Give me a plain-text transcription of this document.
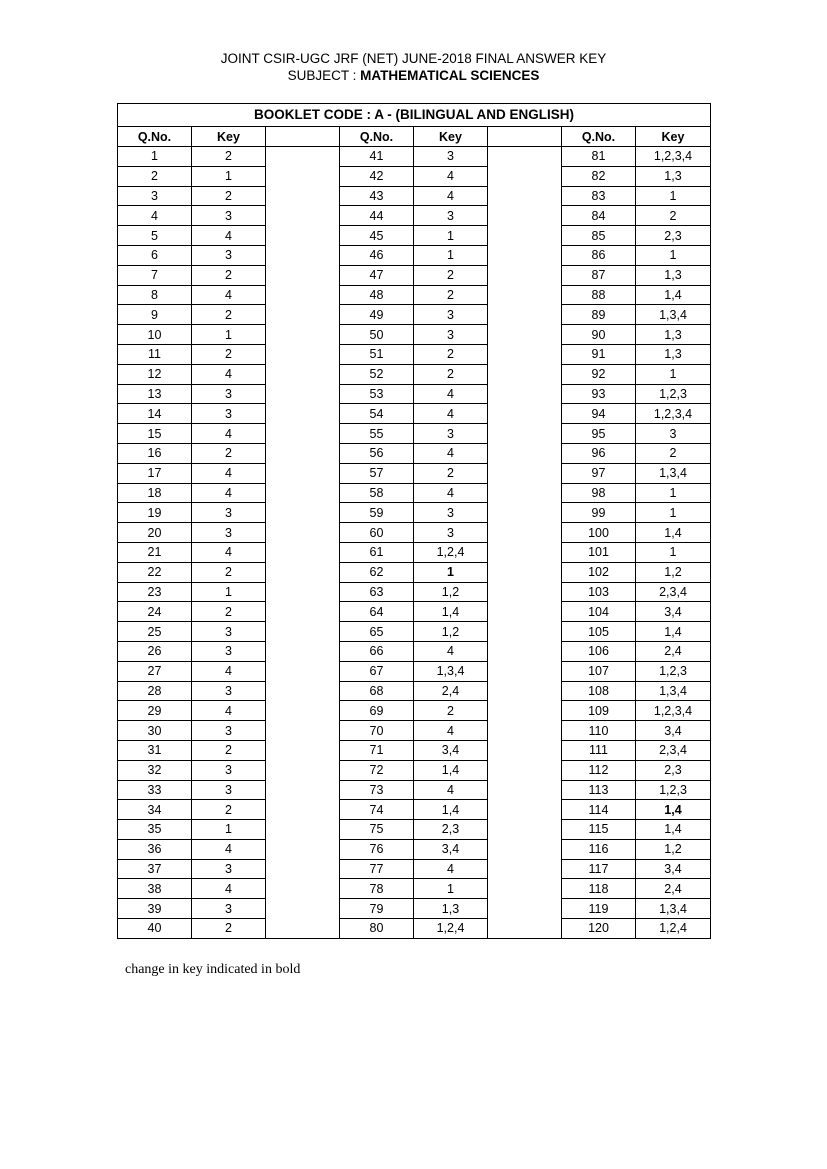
JOINT CSIR-UGC JRF (NET) JUNE-2018 FINAL ANSWER KEY
SUBJECT : MATHEMATICAL SCIENCES
BOOKLET CODE : A - (BILINGUAL AND ENGLISH)							
Q.No.	Key		Q.No.	Key		Q.No.	Key
1	2		41	3		81	1,2,3,4
2	1		42	4		82	1,3
3	2		43	4		83	1
4	3		44	3		84	2
5	4		45	1		85	2,3
6	3		46	1		86	1
7	2		47	2		87	1,3
8	4		48	2		88	1,4
9	2		49	3		89	1,3,4
10	1		50	3		90	1,3
11	2		51	2		91	1,3
12	4		52	2		92	1
13	3		53	4		93	1,2,3
14	3		54	4		94	1,2,3,4
15	4		55	3		95	3
16	2		56	4		96	2
17	4		57	2		97	1,3,4
18	4		58	4		98	1
19	3		59	3		99	1
20	3		60	3		100	1,4
21	4		61	1,2,4		101	1
22	2		62	1		102	1,2
23	1		63	1,2		103	2,3,4
24	2		64	1,4		104	3,4
25	3		65	1,2		105	1,4
26	3		66	4		106	2,4
27	4		67	1,3,4		107	1,2,3
28	3		68	2,4		108	1,3,4
29	4		69	2		109	1,2,3,4
30	3		70	4		110	3,4
31	2		71	3,4		111	2,3,4
32	3		72	1,4		112	2,3
33	3		73	4		113	1,2,3
34	2		74	1,4		114	1,4
35	1		75	2,3		115	1,4
36	4		76	3,4		116	1,2
37	3		77	4		117	3,4
38	4		78	1		118	2,4
39	3		79	1,3		119	1,3,4
40	2		80	1,2,4		120	1,2,4
change in key indicated in bold
